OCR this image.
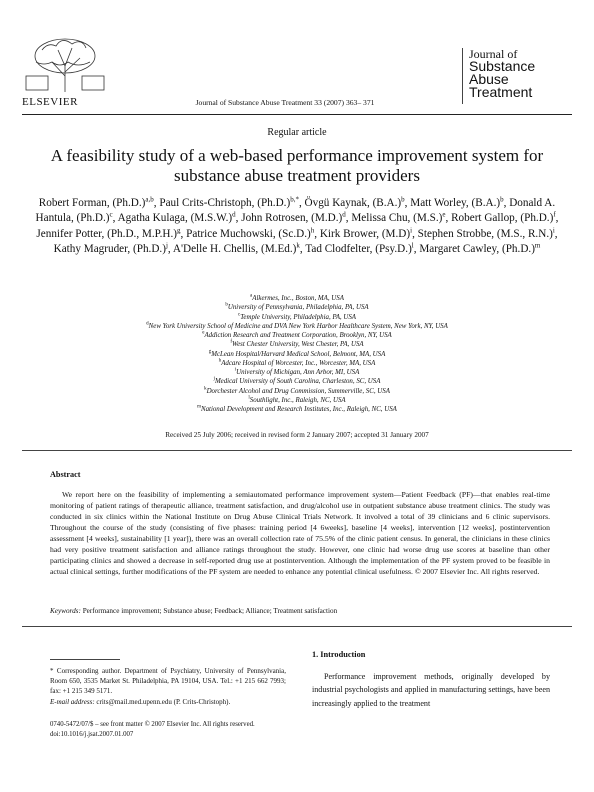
ELSEVIER	Journal of Substance Abuse Treatment 33 (2007) 363– 371
Journal of
Substance
Abuse
Treatment
Regular article
A feasibility study of a web-based performance improvement system for substance abuse treatment providers
Robert Forman, $(Ph.D.)^{a,b}$, Paul Crits-Christoph, $(Ph.D.)^{b,*}$, Övgü Kaynak, $(B.A.)^b$, Matt Worley, $(B.A.)^b$, Donald A. Hantula, $(Ph.D.)^c$, Agatha Kulaga, $(M.S.W.)^d$, John Rotrosen, $(M.D.)^d$, Melissa Chu, $(M.S.)^e$, Robert Gallop, $(Ph.D.)^f$, Jennifer Potter, (Ph.D., M.P.H.)$^g$, Patrice Muchowski, $(Sc.D.)^h$, Kirk Brower, $(M.D)^i$, Stephen Strobbe, (M.S., R.N.)$^i$, Kathy Magruder, $(Ph.D.)^j$, A'Delle H. Chellis, $(M.Ed.)^k$, Tad Clodfelter, $(Psy.D.)^l$, Margaret Cawley, $(Ph.D.)^m$
$^a$Alkermes, Inc., Boston, MA, USA
$^b$University of Pennsylvania, Philadelphia, PA, USA
$^c$Temple University, Philadelphia, PA, USA
$^d$New York University School of Medicine and DVA New York Harbor Healthcare System, New York, NY, USA
$^e$Addiction Research and Treatment Corporation, Brooklyn, NY, USA
$^f$West Chester University, West Chester, PA, USA
$^g$McLean Hospital/Harvard Medical School, Belmont, MA, USA
$^h$Adcare Hospital of Worcester, Inc., Worcester, MA, USA
$^i$University of Michigan, Ann Arbor, MI, USA
$^j$Medical University of South Carolina, Charleston, SC, USA
$^k$Dorchester Alcohol and Drug Commission, Summerville, SC, USA
$^l$Southlight, Inc., Raleigh, NC, USA
$^m$National Development and Research Institutes, Inc., Raleigh, NC, USA
Received 25 July 2006; received in revised form 2 January 2007; accepted 31 January 2007
Abstract
We report here on the feasibility of implementing a semiautomated performance improvement system—Patient Feedback (PF)—that enables real-time monitoring of patient ratings of therapeutic alliance, treatment satisfaction, and drug/alcohol use in outpatient substance abuse treatment clinics. The study was conducted in six clinics within the National Institute on Drug Abuse Clinical Trials Network. It involved a total of 39 clinicians and 6 clinic supervisors. Throughout the course of the study (consisting of five phases: training period [4 6weeks], baseline [4 weeks], intervention [12 weeks], postintervention assessment [4 weeks], sustainability [1 year]), there was an overall collection rate of 75.5% of the clinic patient census. In general, the clinicians in these clinics had very positive treatment satisfaction and alliance ratings throughout the study. However, one clinic had worse drug use scores at baseline than other participating clinics and showed a decrease in self-reported drug use at postintervention. Although the implementation of the PF system proved to be feasible in actual clinical settings, further modifications of the PF system are needed to enhance any potential clinical usefulness. © 2007 Elsevier Inc. All rights reserved.
Keywords: Performance improvement; Substance abuse; Feedback; Alliance; Treatment satisfaction
* Corresponding author. Department of Psychiatry, University of Pennsylvania, Room 650, 3535 Market St. Philadelphia, PA 19104, USA. Tel.: +1 215 662 7993; fax: +1 215 349 5171.
E-mail address: crits@mail.med.upenn.edu (P. Crits-Christoph).
0740-5472/07/$ – see front matter © 2007 Elsevier Inc. All rights reserved.
doi:10.1016/j.jsat.2007.01.007
1. Introduction
Performance improvement methods, originally developed by industrial psychologists and applied in manufacturing settings, have been increasingly applied to the treatment
